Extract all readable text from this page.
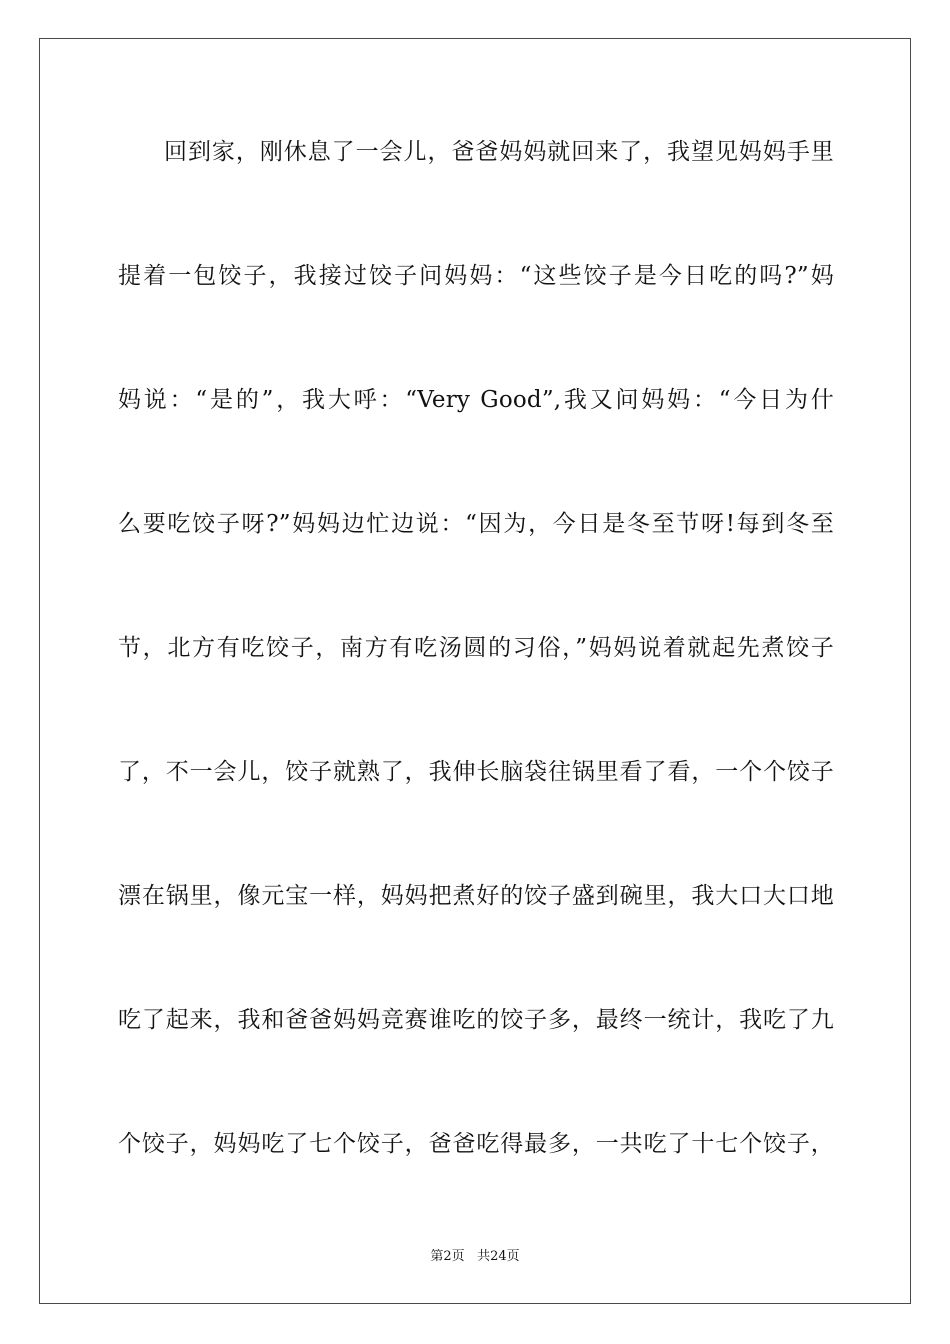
回到家，刚休息了一会儿，爸爸妈妈就回来了，我望见妈妈手里
提着一包饺子，我接过饺子问妈妈：“这些饺子是今日吃的吗?”妈
妈说：“是的”，我大呼：“Very Good”,我又问妈妈：“今日为什
么要吃饺子呀?”妈妈边忙边说：“因为，今日是冬至节呀!每到冬至
节，北方有吃饺子，南方有吃汤圆的习俗，”妈妈说着就起先煮饺子
了，不一会儿，饺子就熟了，我伸长脑袋往锅里看了看，一个个饺子
漂在锅里，像元宝一样，妈妈把煮好的饺子盛到碗里，我大口大口地
吃了起来，我和爸爸妈妈竞赛谁吃的饺子多，最终一统计，我吃了九
个饺子，妈妈吃了七个饺子，爸爸吃得最多，一共吃了十七个饺子，
第2页 共24页
